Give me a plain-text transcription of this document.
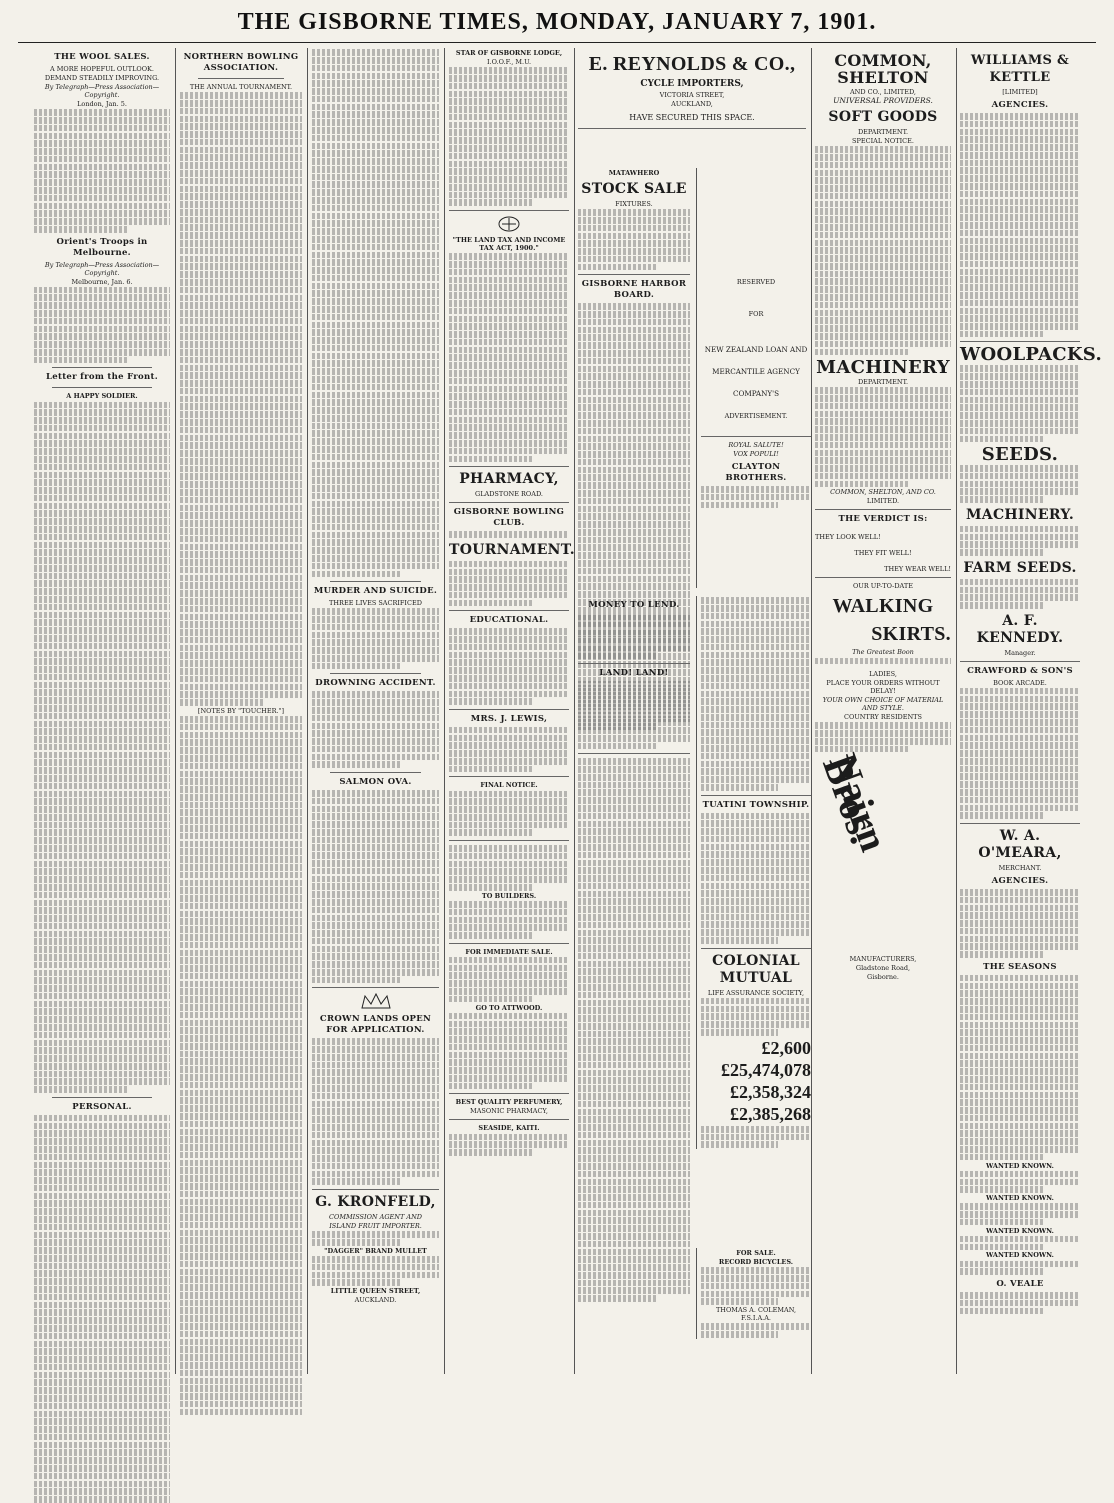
THE GISBORNE TIMES, MONDAY, JANUARY 7, 1901.
THE WOOL SALES.
A MORE HOPEFUL OUTLOOK.
DEMAND STEADILY IMPROVING.
By Telegraph—Press Association—Copyright.
London, Jan. 5.
Orient's Troops in Melbourne.
By Telegraph—Press Association—Copyright.
Melbourne, Jan. 6.
Letter from the Front.
A HAPPY SOLDIER.
PERSONAL.
NORTHERN BOWLING ASSOCIATION.
THE ANNUAL TOURNAMENT.
[NOTES BY "TOUCHER."]
MURDER AND SUICIDE.
THREE LIVES SACRIFICED
DROWNING ACCIDENT.
SALMON OVA.
CROWN LANDS OPEN FOR APPLICATION.
G. KRONFELD,
COMMISSION AGENT AND
ISLAND FRUIT IMPORTER.
"DAGGER" BRAND MULLET
LITTLE QUEEN STREET,
AUCKLAND.
STAR OF GISBORNE LODGE,
I.O.O.F., M.U.
"THE LAND TAX AND INCOME TAX ACT, 1900."
PHARMACY,
GLADSTONE ROAD.
GISBORNE BOWLING CLUB.
TOURNAMENT.
EDUCATIONAL.
MRS. J. LEWIS,
FINAL NOTICE.
TO BUILDERS.
FOR IMMEDIATE SALE.
GO TO ATTWOOD.
BEST QUALITY PERFUMERY,
MASONIC PHARMACY,
SEASIDE, KAITI.
E. REYNOLDS & CO.,
CYCLE IMPORTERS,
VICTORIA STREET,
AUCKLAND,
HAVE SECURED THIS SPACE.
MATAWHERO
STOCK SALE
FIXTURES.
GISBORNE HARBOR BOARD.
RESERVED
FOR
NEW ZEALAND LOAN AND
MERCANTILE AGENCY
COMPANY'S
ADVERTISEMENT.
ROYAL SALUTE!
VOX POPULI!
CLAYTON BROTHERS.
TUATINI TOWNSHIP.
COLONIAL MUTUAL
LIFE ASSURANCE SOCIETY,
£2,600
£25,474,078
£2,358,324
£2,385,268
MONEY TO LEND.
LAND! LAND!
FOR SALE.
RECORD BICYCLES.
THOMAS A. COLEMAN, F.S.I.A.A.
COMMON, SHELTON
AND CO., LIMITED,
UNIVERSAL PROVIDERS.
SOFT GOODS
DEPARTMENT.
SPECIAL NOTICE.
MACHINERY
DEPARTMENT.
COMMON, SHELTON, AND CO.
LIMITED.
THE VERDICT IS:
THEY LOOK WELL!
THEY FIT WELL!
THEY WEAR WELL!
OUR UP-TO-DATE
WALKING
SKIRTS.
The Greatest Boon
LADIES,
PLACE YOUR ORDERS WITHOUT DELAY!
YOUR OWN CHOICE OF MATERIAL AND STYLE.
COUNTRY RESIDENTS
Nairn Bros.
MANUFACTURERS,
Gladstone Road,
Gisborne.
WILLIAMS & KETTLE
[LIMITED]
AGENCIES.
WOOLPACKS.
SEEDS.
MACHINERY.
FARM SEEDS.
A. F. KENNEDY.
Manager.
CRAWFORD & SON'S
BOOK ARCADE.
W. A. O'MEARA,
MERCHANT.
AGENCIES.
THE SEASONS
WANTED KNOWN.
WANTED KNOWN.
WANTED KNOWN.
WANTED KNOWN.
O. VEALE
